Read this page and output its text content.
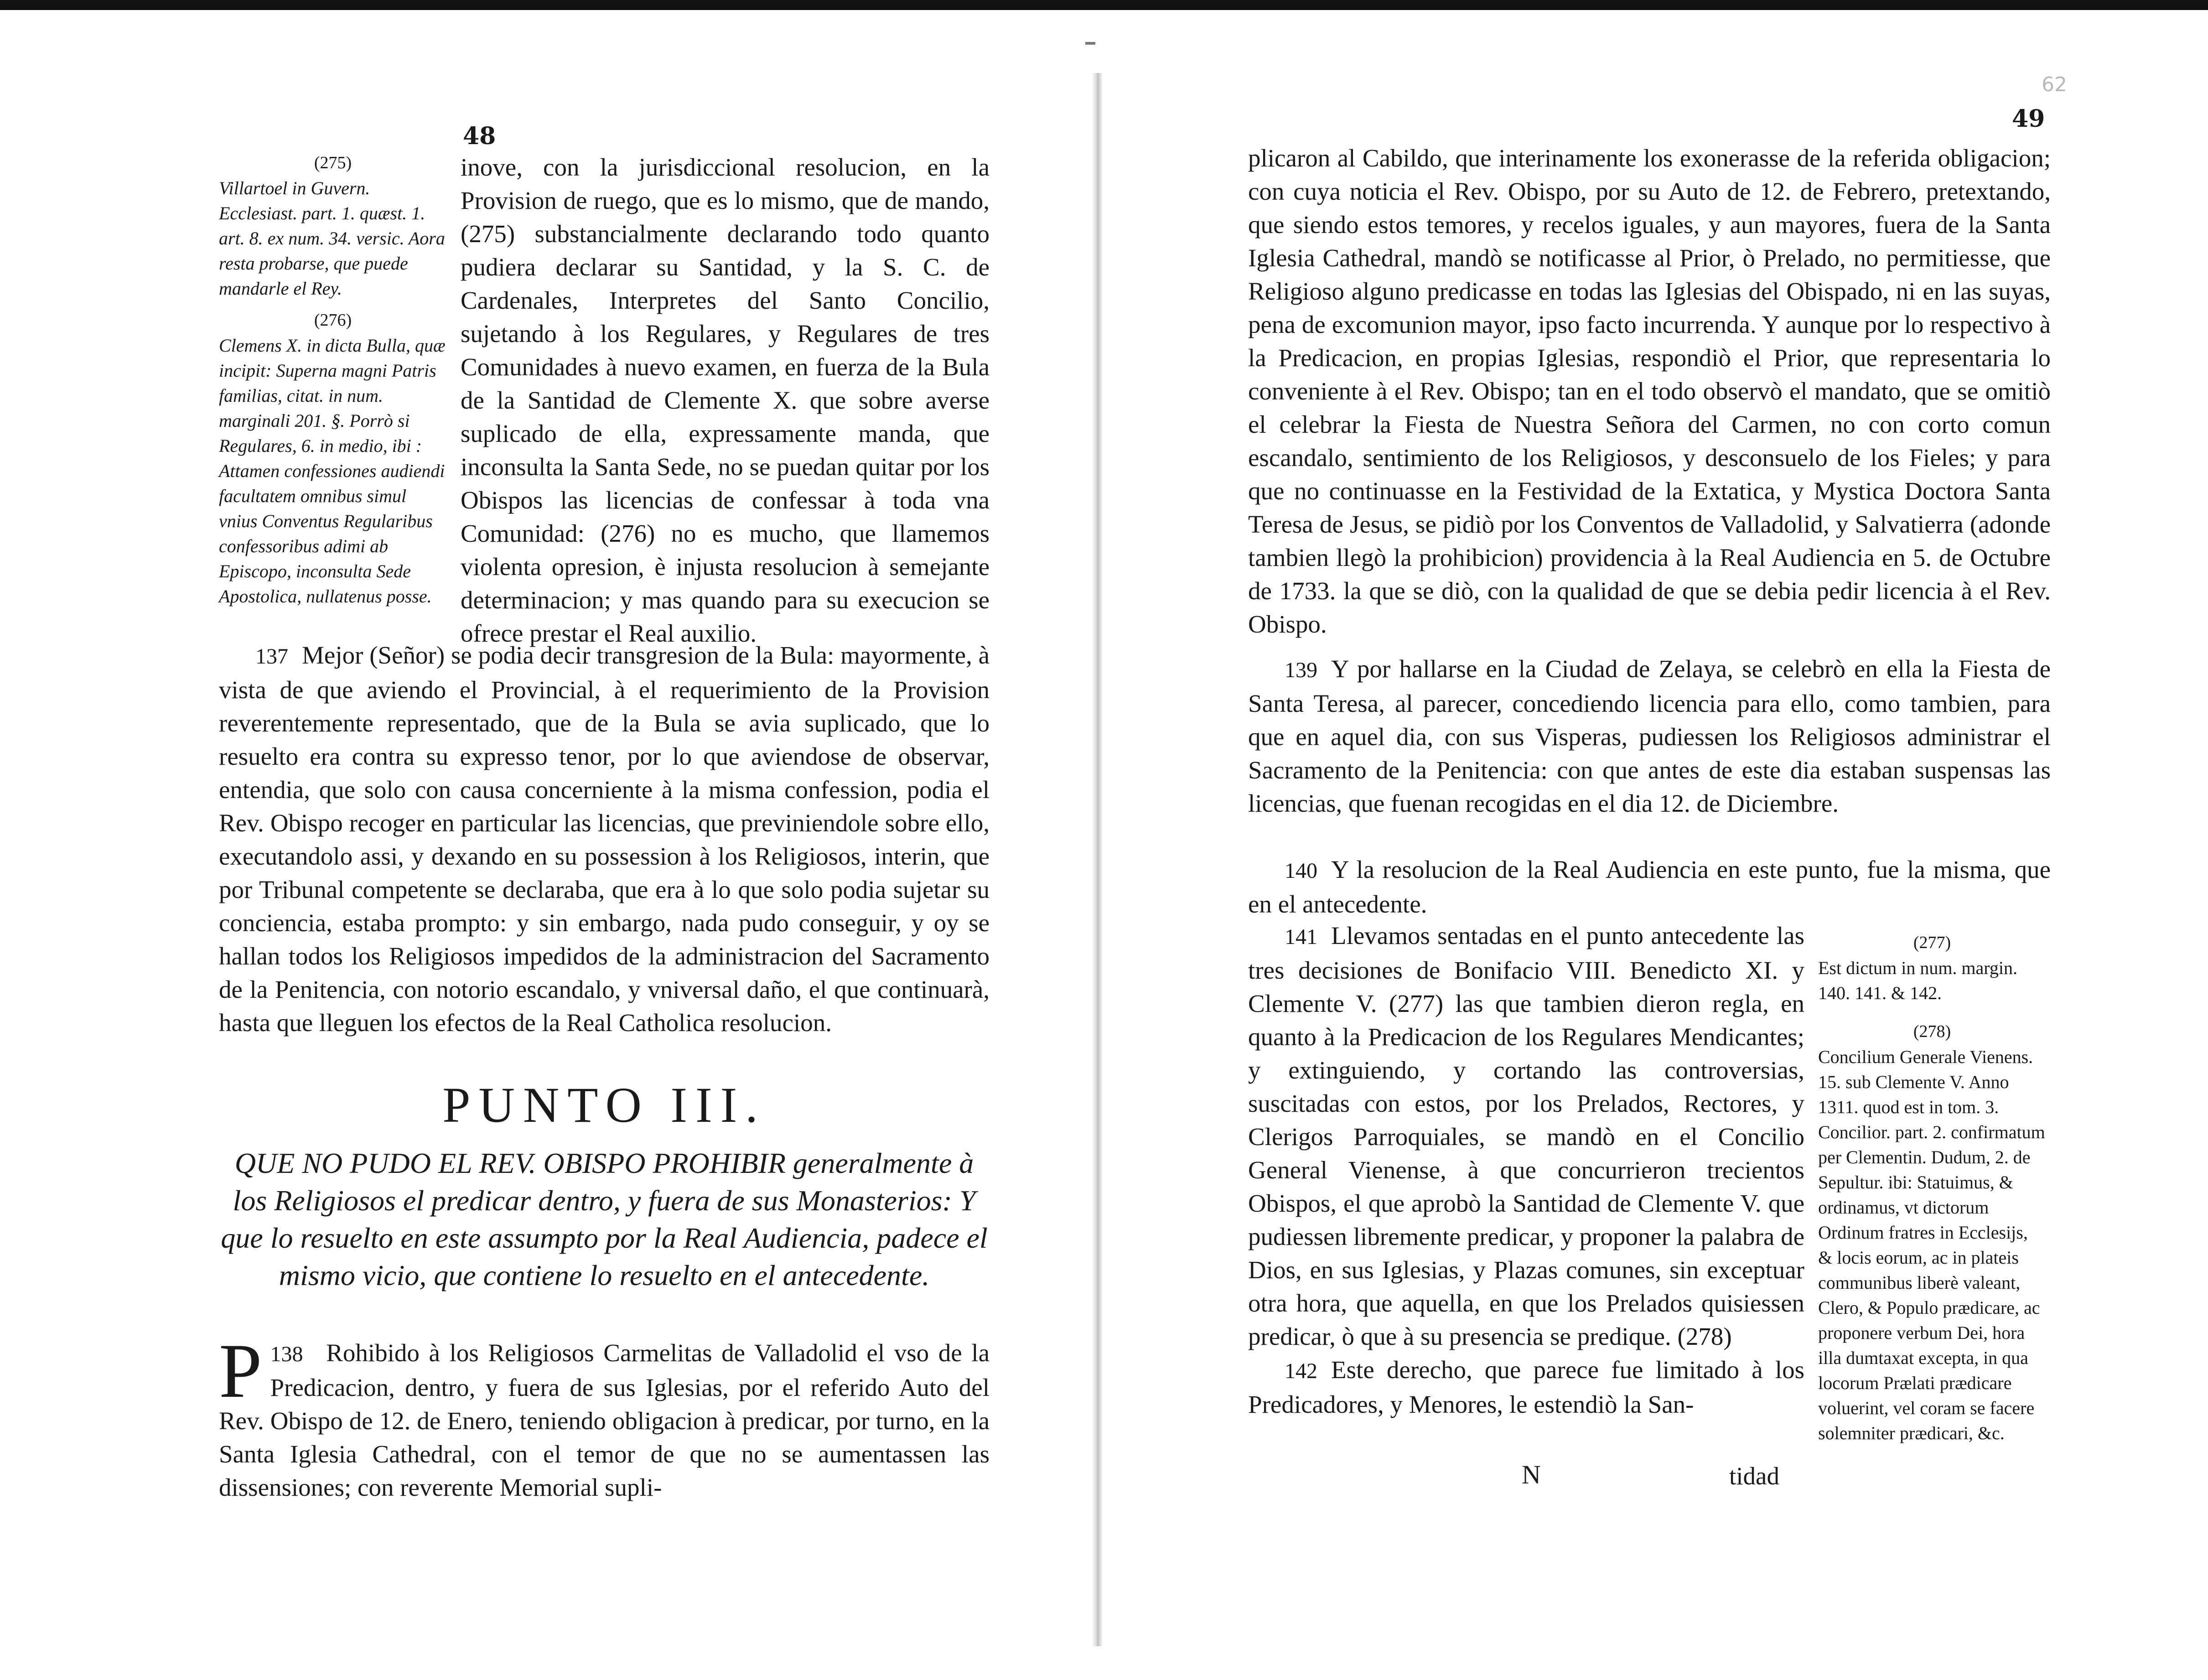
48
(275)
Villartoel in Guvern. Ecclesiast. part. 1. quæst. 1. art. 8. ex num. 34. versic. Aora resta probarse, que puede mandarle el Rey.
(276)
Clemens X. in dicta Bulla, quæ incipit: Superna magni Patris familias, citat. in num. marginali 201. §. Porrò si Regulares, 6. in medio, ibi : Attamen confessiones audiendi facultatem omnibus simul vnius Conventus Regularibus confessoribus adimi ab Episcopo, inconsulta Sede Apostolica, nullatenus posse.

inove, con la jurisdiccional resolucion, en la Provision de ruego, que es lo mismo, que de mando, (275) substancialmente declarando todo quanto pudiera declarar su Santidad, y la S. C. de Cardenales, Interpretes del Santo Concilio, sujetando à los Regulares, y Regulares de tres Comunidades à nuevo examen, en fuerza de la Bula de la Santidad de Clemente X. que sobre averse suplicado de ella, expressamente manda, que inconsulta la Santa Sede, no se puedan quitar por los Obispos las licencias de confessar à toda vna Comunidad: (276) no es mucho, que llamemos violenta opresion, è injusta resolucion à semejante determinacion; y mas quando para su execucion se ofrece prestar el Real auxilio.

137 Mejor (Señor) se podia decir transgresion de la Bula: mayormente, à vista de que aviendo el Provincial, à el requerimiento de la Provision reverentemente representado, que de la Bula se avia suplicado, que lo resuelto era contra su expresso tenor, por lo que aviendose de observar, entendia, que solo con causa concerniente à la misma confession, podia el Rev. Obispo recoger en particular las licencias, que previniendole sobre ello, executandolo assi, y dexando en su possession à los Religiosos, interin, que por Tribunal competente se declaraba, que era à lo que solo podia sujetar su conciencia, estaba prompto: y sin embargo, nada pudo conseguir, y oy se hallan todos los Religiosos impedidos de la administracion del Sacramento de la Penitencia, con notorio escandalo, y vniversal daño, el que continuarà, hasta que lleguen los efectos de la Real Catholica resolucion.

PUNTO III.
QUE NO PUDO EL REV. OBISPO PROHIBIR generalmente à los Religiosos el predicar dentro, y fuera de sus Monasterios: Y que lo resuelto en este assumpto por la Real Audiencia, padece el mismo vicio, que contiene lo resuelto en el antecedente.

138
P	Rohibido à los Religiosos Carmelitas de Valladolid el vso de la Predicacion, dentro, y fuera de sus Iglesias, por el referido Auto del Rev. Obispo de 12. de Enero, teniendo obligacion à predicar, por turno, en la Santa Iglesia Cathedral, con el temor de que no se aumentassen las dissensiones; con reverente Memorial supli-

62
49

plicaron al Cabildo, que interinamente los exonerasse de la referida obligacion; con cuya noticia el Rev. Obispo, por su Auto de 12. de Febrero, pretextando, que siendo estos temores, y recelos iguales, y aun mayores, fuera de la Santa Iglesia Cathedral, mandò se notificasse al Prior, ò Prelado, no permitiesse, que Religioso alguno predicasse en todas las Iglesias del Obispado, ni en las suyas, pena de excomunion mayor, ipso facto incurrenda. Y aunque por lo respectivo à la Predicacion, en propias Iglesias, respondiò el Prior, que representaria lo conveniente à el Rev. Obispo; tan en el todo observò el mandato, que se omitiò el celebrar la Fiesta de Nuestra Señora del Carmen, no con corto comun escandalo, sentimiento de los Religiosos, y desconsuelo de los Fieles; y para que no continuasse en la Festividad de la Extatica, y Mystica Doctora Santa Teresa de Jesus, se pidiò por los Conventos de Valladolid, y Salvatierra (adonde tambien llegò la prohibicion) providencia à la Real Audiencia en 5. de Octubre de 1733. la que se diò, con la qualidad de que se debia pedir licencia à el Rev. Obispo.

139 Y por hallarse en la Ciudad de Zelaya, se celebrò en ella la Fiesta de Santa Teresa, al parecer, concediendo licencia para ello, como tambien, para que en aquel dia, con sus Visperas, pudiessen los Religiosos administrar el Sacramento de la Penitencia: con que antes de este dia estaban suspensas las licencias, que fuenan recogidas en el dia 12. de Diciembre.

140 Y la resolucion de la Real Audiencia en este punto, fue la misma, que en el antecedente.

141 Llevamos sentadas en el punto antecedente las tres decisiones de Bonifacio VIII. Benedicto XI. y Clemente V. (277) las que tambien dieron regla, en quanto à la Predicacion de los Regulares Mendicantes; y extinguiendo, y cortando las controversias, suscitadas con estos, por los Prelados, Rectores, y Clerigos Parroquiales, se mandò en el Concilio General Vienense, à que concurrieron trecientos Obispos, el que aprobò la Santidad de Clemente V. que pudiessen libremente predicar, y proponer la palabra de Dios, en sus Iglesias, y Plazas comunes, sin exceptuar otra hora, que aquella, en que los Prelados quisiessen predicar, ò que à su presencia se predique. (278)

142 Este derecho, que parece fue limitado à los Predicadores, y Menores, le estendiò la San-

(277)
Est dictum in num. margin. 140. 141. & 142.
(278)
Concilium Generale Vienens. 15. sub Clemente V. Anno 1311. quod est in tom. 3. Concilior. part. 2. confirmatum per Clementin. Dudum, 2. de Sepultur. ibi: Statuimus, & ordinamus, vt dictorum Ordinum fratres in Ecclesijs, & locis eorum, ac in plateis communibus liberè valeant, Clero, & Populo prædicare, ac proponere verbum Dei, hora illa dumtaxat excepta, in qua locorum Prælati prædicare voluerint, vel coram se facere solemniter prædicari, &c.
N	tidad
